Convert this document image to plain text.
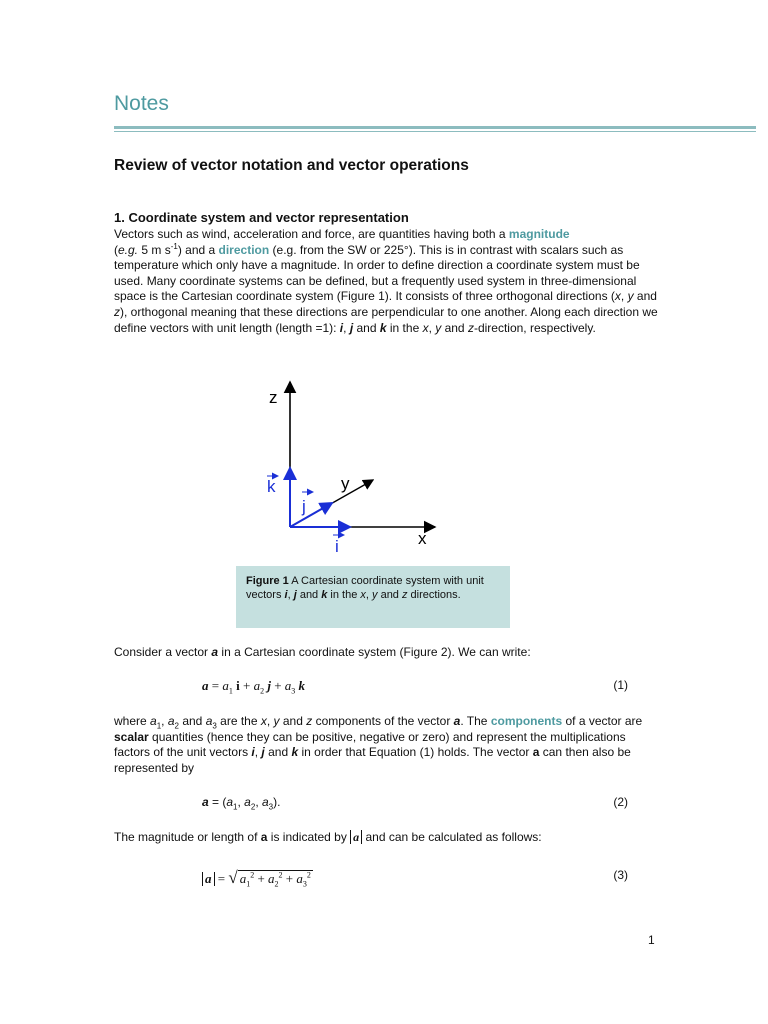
Notes
Review of vector notation and vector operations
1. Coordinate system and vector representation

Vectors such as wind, acceleration and force, are quantities having both a magnitude
(e.g. 5 m $s^{-1}$) and a direction (e.g. from the SW or 225°). This is in contrast with scalars such as temperature which only have a magnitude. In order to define direction a coordinate system must be used. Many coordinate systems can be defined, but a frequently used system in three-dimensional space is the Cartesian coordinate system (Figure 1). It consists of three orthogonal directions (x, y and z), orthogonal meaning that these directions are perpendicular to one another. Along each direction we define vectors with unit length (length =1): i, j and k in the x, y and z-direction, respectively.

z
y
x
k
j
i
Figure 1 A Cartesian coordinate system with unit vectors i, j and k in the x, y and z directions.

Consider a vector a in a Cartesian coordinate system (Figure 2). We can write:

$a = a_1$ $i + a_2$ $j + a_3$ k	(1)

where $a_1$, $a_2$ and $a_3$ are the x, y and z components of the vector a. The components of a vector are scalar quantities (hence they can be positive, negative or zero) and represent the multiplications factors of the unit vectors i, j and k in order that Equation (1) holds. The vector a can then also be represented by

$a = (a_1$, $a_2$, $a_3$).	(2)

The magnitude or length of a is indicated by a and can be calculated as follows:

a = √ $a_1^2 + a_2^2 + a_3^2$	(3)
1
